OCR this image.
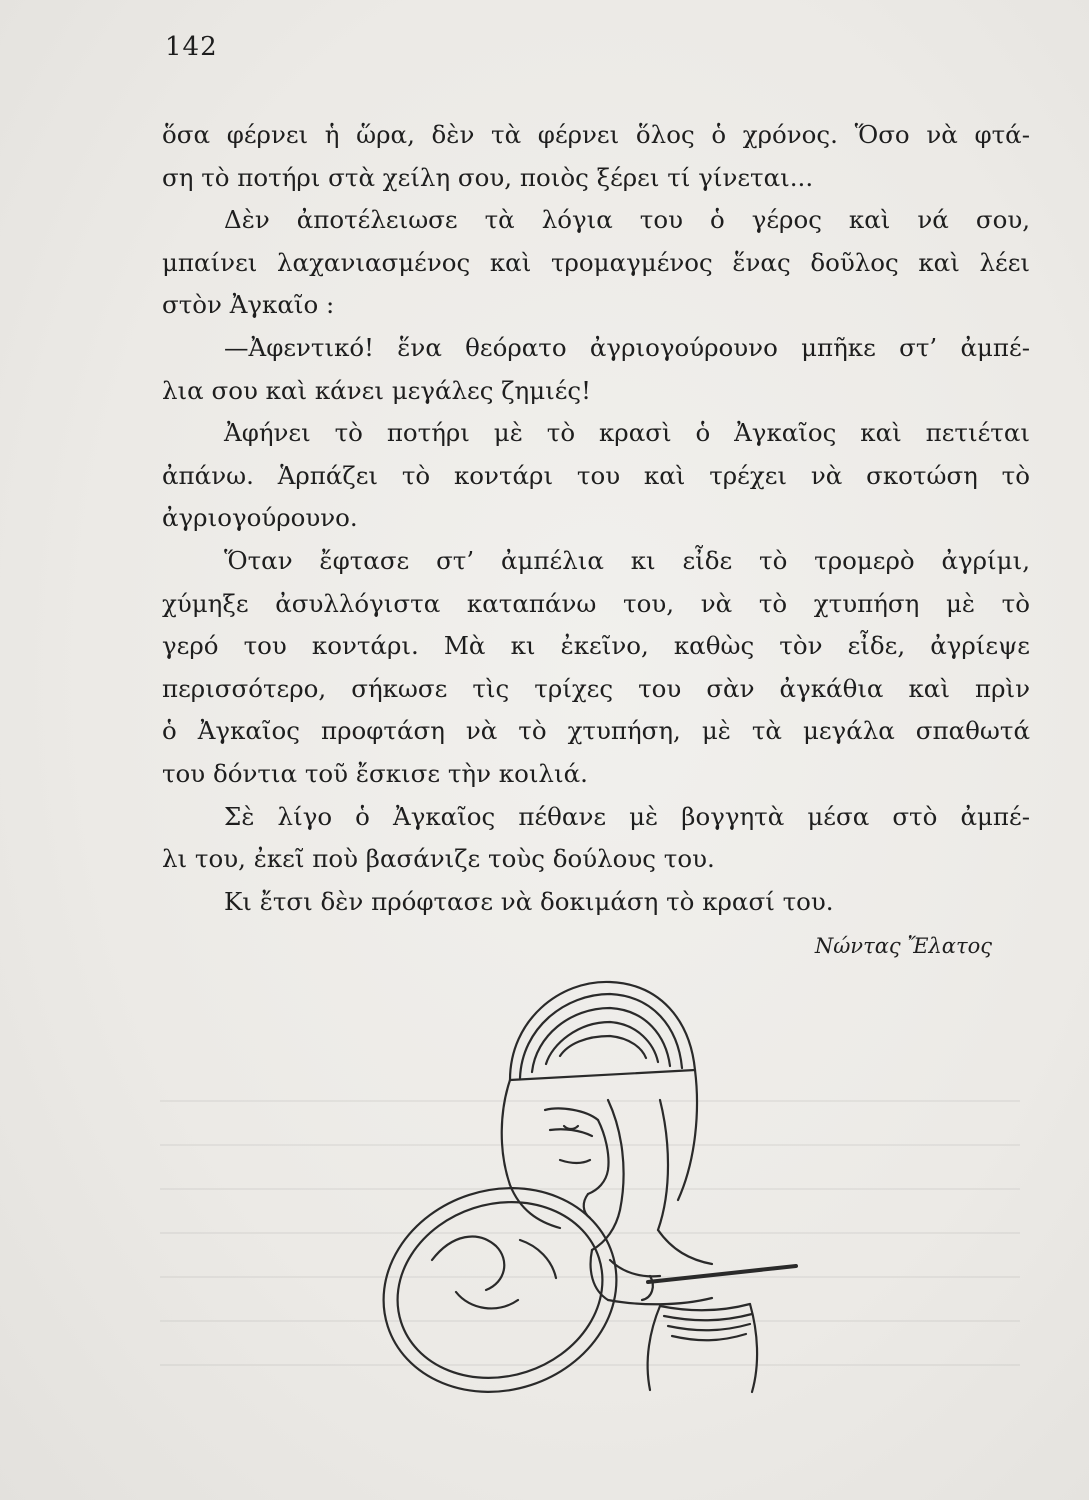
142
ὅσα φέρνει ἡ ὥρα, δὲν τὰ φέρνει ὅλος ὁ χρόνος. Ὅσο νὰ φτά-
ση τὸ ποτήρι στὰ χείλη σου, ποιὸς ξέρει τί γίνεται...
Δὲν ἀποτέλειωσε τὰ λόγια του ὁ γέρος καὶ νά σου,
μπαίνει λαχανιασμένος καὶ τρομαγμένος ἕνας δοῦλος καὶ λέει
στὸν Ἀγκαῖο :
—Ἀφεντικό! ἕνα θεόρατο ἀγριογούρουνο μπῆκε στ’ ἀμπέ-
λια σου καὶ κάνει μεγάλες ζημιές!
Ἀφήνει τὸ ποτήρι μὲ τὸ κρασὶ ὁ Ἀγκαῖος καὶ πετιέται
ἀπάνω. Ἁρπάζει τὸ κοντάρι του καὶ τρέχει νὰ σκοτώση τὸ
ἀγριογούρουνο.
Ὅταν ἔφτασε στ’ ἀμπέλια κι εἶδε τὸ τρομερὸ ἀγρίμι,
χύμηξε ἀσυλλόγιστα καταπάνω του, νὰ τὸ χτυπήση μὲ τὸ
γερό του κοντάρι. Μὰ κι ἐκεῖνο, καθὼς τὸν εἶδε, ἀγρίεψε
περισσότερο, σήκωσε τὶς τρίχες του σὰν ἀγκάθια καὶ πρὶν
ὁ Ἀγκαῖος προφτάση νὰ τὸ χτυπήση, μὲ τὰ μεγάλα σπαθωτά
του δόντια τοῦ ἔσκισε τὴν κοιλιά.
Σὲ λίγο ὁ Ἀγκαῖος πέθανε μὲ βογγητὰ μέσα στὸ ἀμπέ-
λι του, ἐκεῖ ποὺ βασάνιζε τοὺς δούλους του.
Κι ἔτσι δὲν πρόφτασε νὰ δοκιμάση τὸ κρασί του.
Νώντας Ἔλατος
